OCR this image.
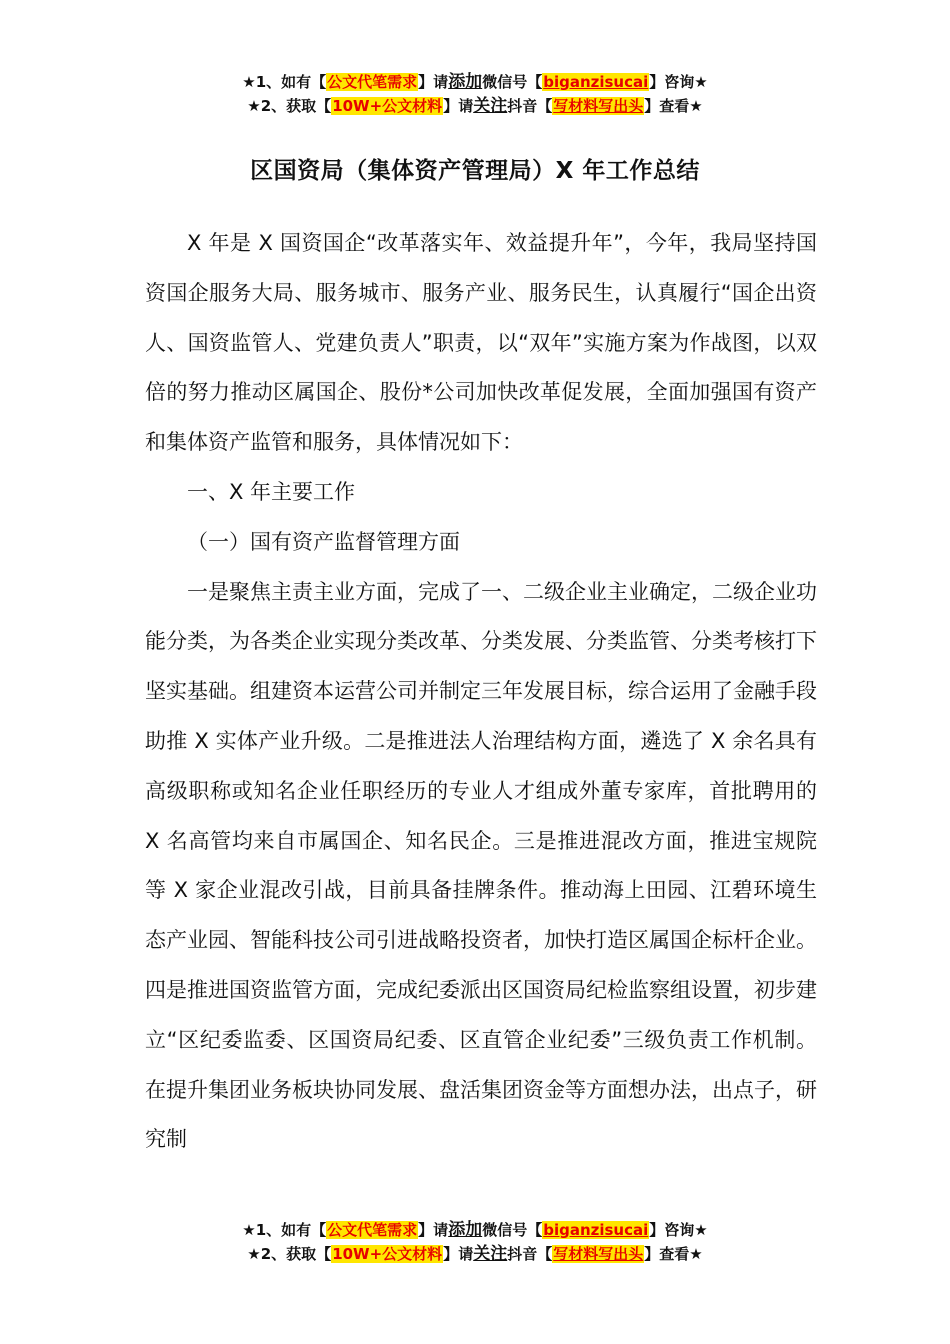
★1、如有【公文代笔需求】请添加微信号【biganzisucai】咨询★
★2、获取【10W+公文材料】请关注抖音【写材料写出头】查看★
区国资局（集体资产管理局）X 年工作总结

X 年是 X 国资国企“改革落实年、效益提升年”，今年，我局坚持国资国企服务大局、服务城市、服务产业、服务民生，认真履行“国企出资人、国资监管人、党建负责人”职责，以“双年”实施方案为作战图，以双倍的努力推动区属国企、股份*公司加快改革促发展，全面加强国有资产和集体资产监管和服务，具体情况如下：

一、X 年主要工作

（一）国有资产监督管理方面

一是聚焦主责主业方面，完成了一、二级企业主业确定，二级企业功能分类，为各类企业实现分类改革、分类发展、分类监管、分类考核打下坚实基础。组建资本运营公司并制定三年发展目标，综合运用了金融手段助推 X 实体产业升级。二是推进法人治理结构方面，遴选了 X 余名具有高级职称或知名企业任职经历的专业人才组成外董专家库，首批聘用的 X 名高管均来自市属国企、知名民企。三是推进混改方面，推进宝规院等 X 家企业混改引战，目前具备挂牌条件。推动海上田园、江碧环境生态产业园、智能科技公司引进战略投资者，加快打造区属国企标杆企业。四是推进国资监管方面，完成纪委派出区国资局纪检监察组设置，初步建立“区纪委监委、区国资局纪委、区直管企业纪委”三级负责工作机制。在提升集团业务板块协同发展、盘活集团资金等方面想办法，出点子，研究制

★1、如有【公文代笔需求】请添加微信号【biganzisucai】咨询★
★2、获取【10W+公文材料】请关注抖音【写材料写出头】查看★
